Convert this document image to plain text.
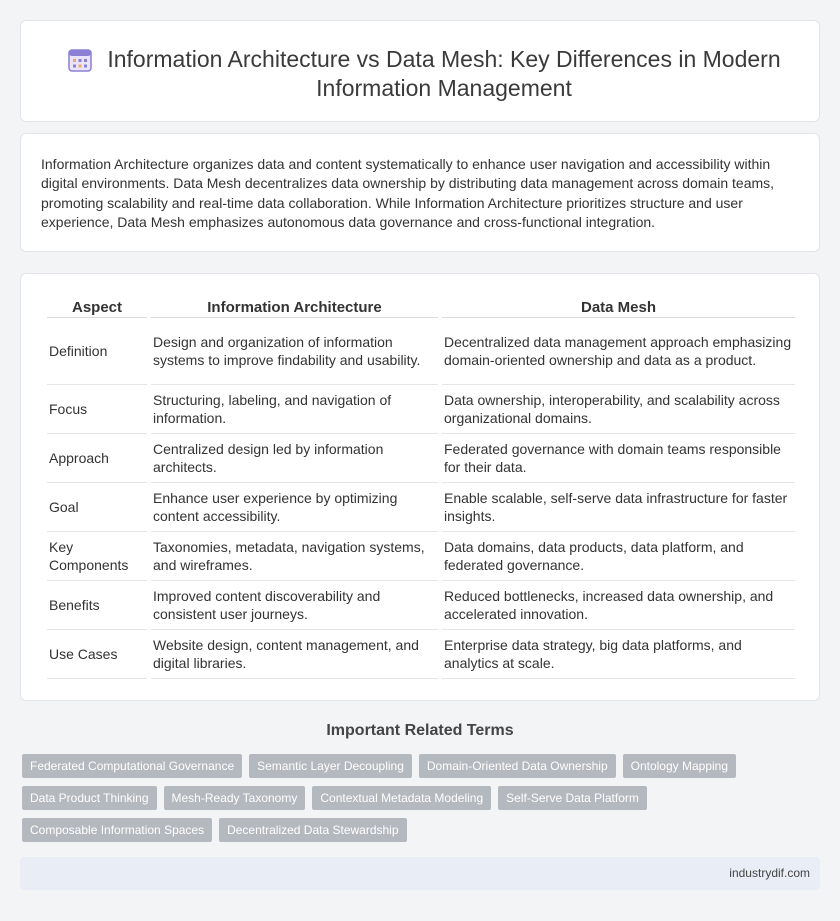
Information Architecture vs Data Mesh: Key Differences in Modern Information Management

Information Architecture organizes data and content systematically to enhance user navigation and accessibility within digital environments. Data Mesh decentralizes data ownership by distributing data management across domain teams, promoting scalability and real-time data collaboration. While Information Architecture prioritizes structure and user experience, Data Mesh emphasizes autonomous data governance and cross-functional integration.

Aspect	Information Architecture	Data Mesh
Definition	Design and organization of information systems to improve findability and usability.	Decentralized data management approach emphasizing domain-oriented ownership and data as a product.
Focus	Structuring, labeling, and navigation of information.	Data ownership, interoperability, and scalability across organizational domains.
Approach	Centralized design led by information architects.	Federated governance with domain teams responsible for their data.
Goal	Enhance user experience by optimizing content accessibility.	Enable scalable, self-serve data infrastructure for faster insights.
Key Components	Taxonomies, metadata, navigation systems, and wireframes.	Data domains, data products, data platform, and federated governance.
Benefits	Improved content discoverability and consistent user journeys.	Reduced bottlenecks, increased data ownership, and accelerated innovation.
Use Cases	Website design, content management, and digital libraries.	Enterprise data strategy, big data platforms, and analytics at scale.
Important Related Terms
Federated Computational Governance	Semantic Layer Decoupling	Domain-Oriented Data Ownership	Ontology Mapping
Data Product Thinking	Mesh-Ready Taxonomy	Contextual Metadata Modeling	Self-Serve Data Platform
Composable Information Spaces	Decentralized Data Stewardship
industrydif.com
